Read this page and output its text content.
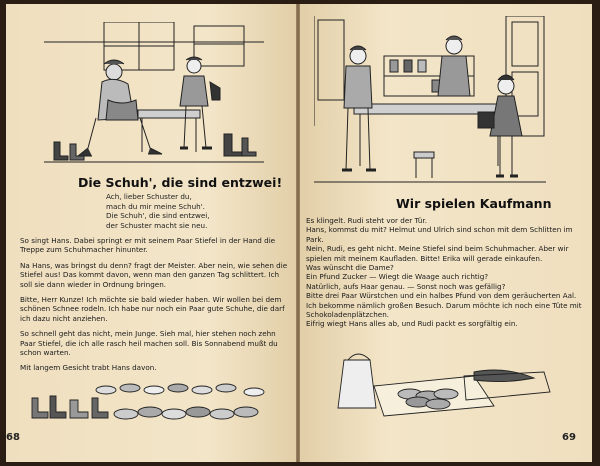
Die Schuh', die sind entzwei!
Ach, lieber Schuster du,
mach du mir meine Schuh'.
Die Schuh', die sind entzwei,
der Schuster macht sie neu.

So singt Hans. Dabei springt er mit seinem Paar Stiefel in der Hand die Treppe zum Schuhmacher hinunter.

Na Hans, was bringst du denn? fragt der Meister. Aber nein, wie sehen die Stiefel aus! Das kommt davon, wenn man den ganzen Tag schlittert. Ich soll sie dann wieder in Ordnung bringen.

Bitte, Herr Kunze! Ich möchte sie bald wieder haben. Wir wollen bei dem schönen Schnee rodeln. Ich habe nur noch ein Paar gute Schuhe, die darf ich dazu nicht anziehen.

So schnell geht das nicht, mein Junge. Sieh mal, hier stehen noch zehn Paar Stiefel, die ich alle rasch heil machen soll. Bis Sonnabend mußt du schon warten.

Mit langem Gesicht trabt Hans davon.

68
Wir spielen Kaufmann

Es klingelt. Rudi steht vor der Tür.

Hans, kommst du mit? Helmut und Ulrich sind schon mit dem Schlitten im Park.

Nein, Rudi, es geht nicht. Meine Stiefel sind beim Schuhmacher. Aber wir spielen mit meinem Kaufladen. Bitte! Erika will gerade einkaufen.

Was wünscht die Dame?

Ein Pfund Zucker — Wiegt die Waage auch richtig?

Natürlich, aufs Haar genau. — Sonst noch was gefällig?

Bitte drei Paar Würstchen und ein halbes Pfund von dem geräucherten Aal. Ich bekomme nämlich großen Besuch. Darum möchte ich noch eine Tüte mit Schokoladenplätzchen.

Eifrig wiegt Hans alles ab, und Rudi packt es sorgfältig ein.

69
